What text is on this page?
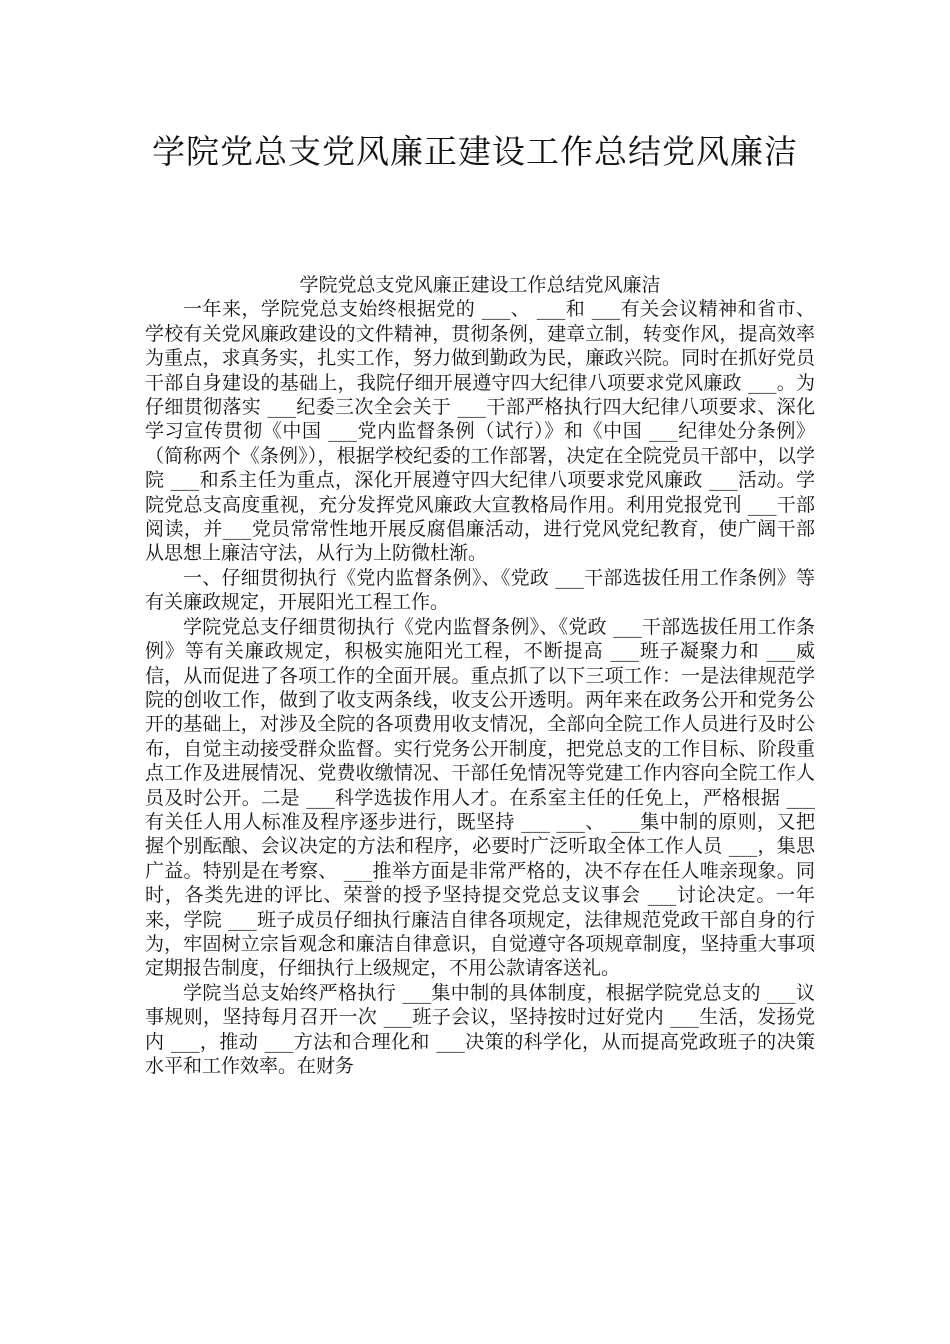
学院党总支党风廉正建设工作总结党风廉洁

学院党总支党风廉正建设工作总结党风廉洁

一年来，学院党总支始终根据党的 ___、 ___和 ___有关会议精神和省市、学校有关党风廉政建设的文件精神，贯彻条例，建章立制，转变作风，提高效率为重点，求真务实，扎实工作，努力做到勤政为民，廉政兴院。同时在抓好党员干部自身建设的基础上，我院仔细开展遵守四大纪律八项要求党风廉政 ___。为仔细贯彻落实 ___纪委三次全会关于 ___干部严格执行四大纪律八项要求、深化学习宣传贯彻《中国 ___党内监督条例（试行）》和《中国 ___纪律处分条例》（简称两个《条例》），根据学校纪委的工作部署，决定在全院党员干部中，以学院 ___和系主任为重点，深化开展遵守四大纪律八项要求党风廉政 ___活动。学院党总支高度重视，充分发挥党风廉政大宣教格局作用。利用党报党刊 ___干部阅读，并___党员常常性地开展反腐倡廉活动，进行党风党纪教育，使广阔干部从思想上廉洁守法，从行为上防微杜渐。

一、仔细贯彻执行《党内监督条例》、《党政 ___干部选拔任用工作条例》等有关廉政规定，开展阳光工程工作。

学院党总支仔细贯彻执行《党内监督条例》、《党政 ___干部选拔任用工作条例》等有关廉政规定，积极实施阳光工程，不断提高 ___班子凝聚力和 ___威信，从而促进了各项工作的全面开展。重点抓了以下三项工作：一是法律规范学院的创收工作，做到了收支两条线，收支公开透明。两年来在政务公开和党务公开的基础上，对涉及全院的各项费用收支情况，全部向全院工作人员进行及时公布，自觉主动接受群众监督。实行党务公开制度，把党总支的工作目标、阶段重点工作及进展情况、党费收缴情况、干部任免情况等党建工作内容向全院工作人员及时公开。二是 ___科学选拔作用人才。在系室主任的任免上，严格根据 ___有关任人用人标准及程序逐步进行，既坚持 ___ ___、 ___集中制的原则，又把握个别酝酿、会议决定的方法和程序，必要时广泛听取全体工作人员 ___，集思广益。特别是在考察、 ___推举方面是非常严格的，决不存在任人唯亲现象。同时，各类先进的评比、荣誉的授予坚持提交党总支议事会 ___讨论决定。一年来，学院 ___班子成员仔细执行廉洁自律各项规定，法律规范党政干部自身的行为，牢固树立宗旨观念和廉洁自律意识，自觉遵守各项规章制度，坚持重大事项定期报告制度，仔细执行上级规定，不用公款请客送礼。

学院当总支始终严格执行 ___集中制的具体制度，根据学院党总支的 ___议事规则，坚持每月召开一次 ___班子会议，坚持按时过好党内 ___生活，发扬党内 ___，推动 ___方法和合理化和 ___决策的科学化，从而提高党政班子的决策水平和工作效率。在财务
